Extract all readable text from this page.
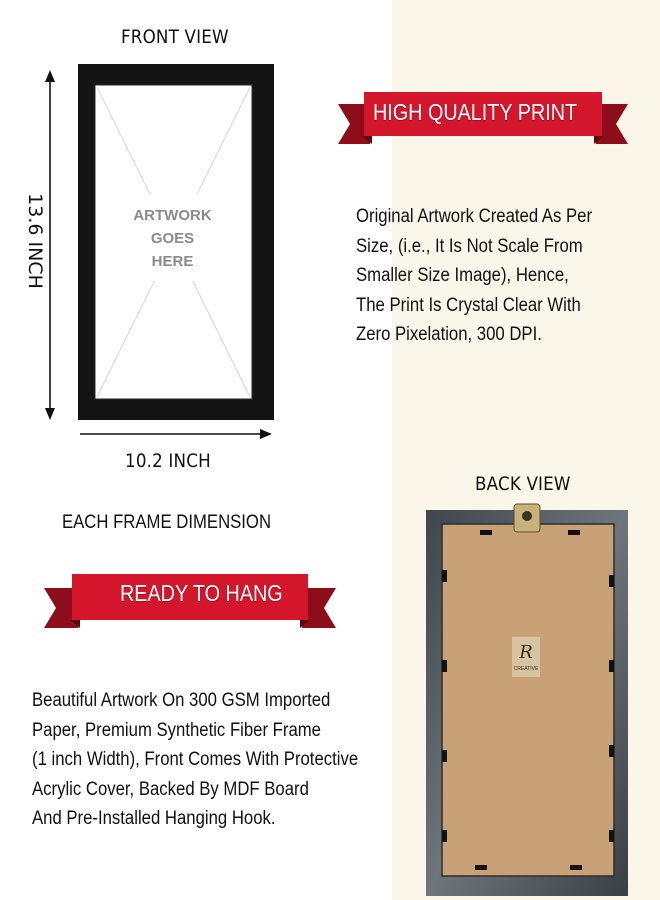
FRONT VIEW
ARTWORK
GOES
HERE
13.6 INCH
10.2 INCH
EACH FRAME DIMENSION
HIGH QUALITY PRINT
Original Artwork Created As Per
Size, (i.e., It Is Not Scale From
Smaller Size Image), Hence,
The Print Is Crystal Clear With
Zero Pixelation, 300 DPI.
READY TO HANG
Beautiful Artwork On 300 GSM Imported
Paper, Premium Synthetic Fiber Frame
(1 inch Width), Front Comes With Protective
Acrylic Cover, Backed By MDF Board
And Pre-Installed Hanging Hook.
BACK VIEW
R
CREATIVE
